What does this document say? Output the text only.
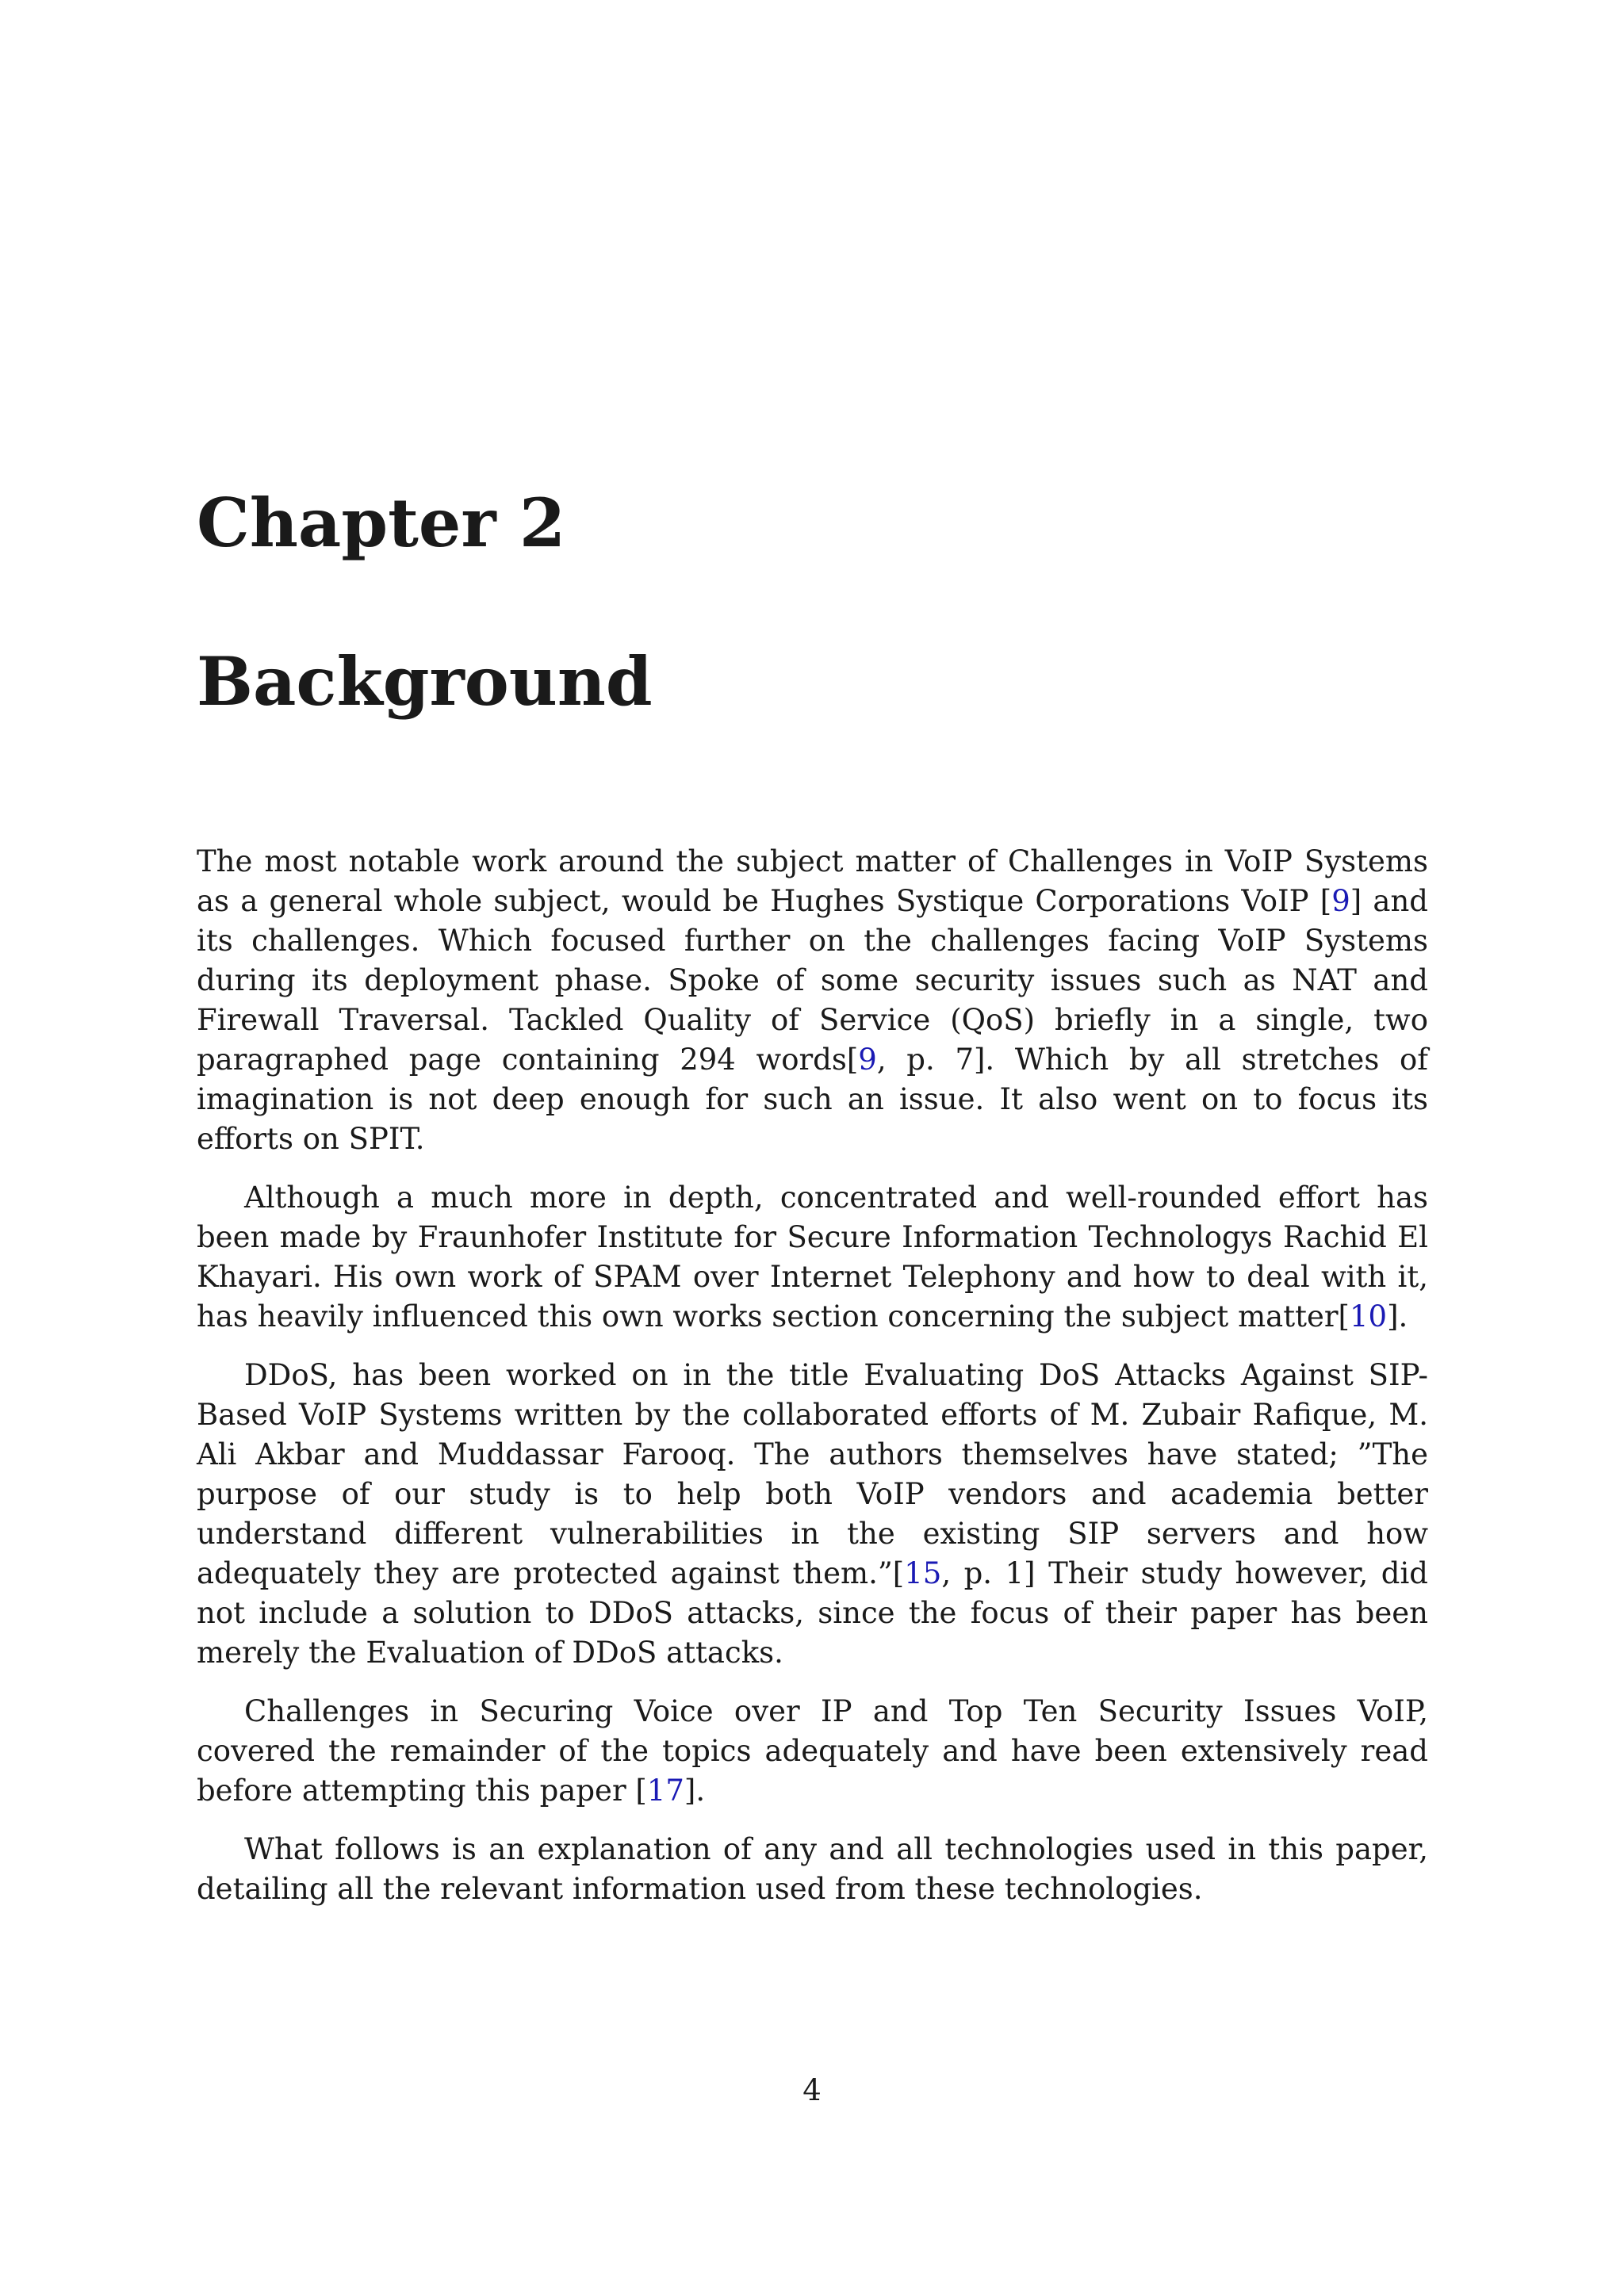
Chapter 2
Background

The most notable work around the subject matter of Challenges in VoIP Systems as a general whole subject, would be Hughes Systique Corporations VoIP [9] and its challenges. Which focused further on the challenges facing VoIP Systems during its deployment phase. Spoke of some security issues such as NAT and Firewall Traversal. Tackled Quality of Service (QoS) briefly in a single, two paragraphed page containing 294 words[9, p. 7]. Which by all stretches of imagination is not deep enough for such an issue. It also went on to focus its efforts on SPIT.

Although a much more in depth, concentrated and well-rounded effort has been made by Fraunhofer Institute for Secure Information Technologys Rachid El Khayari. His own work of SPAM over Internet Telephony and how to deal with it, has heavily influenced this own works section concerning the subject matter[10].

DDoS, has been worked on in the title Evaluating DoS Attacks Against SIP-Based VoIP Systems written by the collaborated efforts of M. Zubair Rafique, M. Ali Akbar and Muddassar Farooq. The authors themselves have stated; ”The purpose of our study is to help both VoIP vendors and academia better understand different vulnerabilities in the existing SIP servers and how adequately they are protected against them.”[15, p. 1] Their study however, did not include a solution to DDoS attacks, since the focus of their paper has been merely the Evaluation of DDoS attacks.

Challenges in Securing Voice over IP and Top Ten Security Issues VoIP, covered the remainder of the topics adequately and have been extensively read before attempting this paper [17].

What follows is an explanation of any and all technologies used in this paper, detailing all the relevant information used from these technologies.

4
